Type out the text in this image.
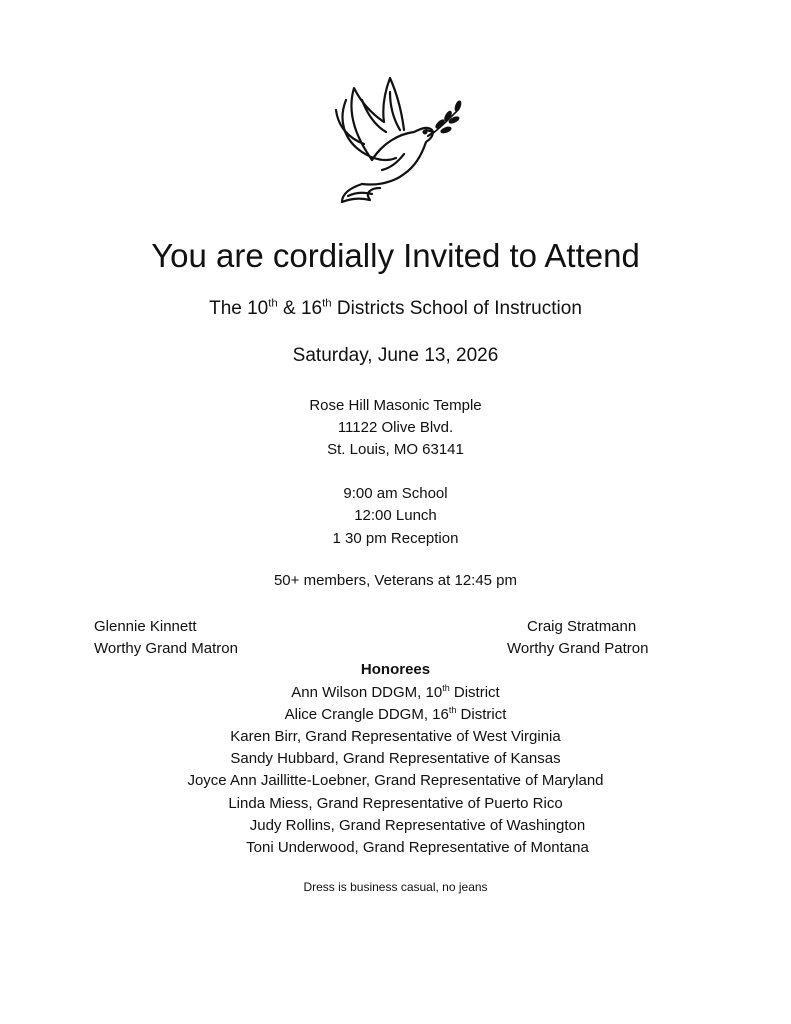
You are cordially Invited to Attend
The 10th & 16th Districts School of Instruction
Saturday, June 13, 2026
Rose Hill Masonic Temple
11122 Olive Blvd.
St. Louis, MO 63141
9:00 am School
12:00 Lunch
1 30 pm Reception
50+ members, Veterans at 12:45 pm
Glennie Kinnett
Worthy Grand Matron
Craig Stratmann
Worthy Grand Patron
Honorees
Ann Wilson DDGM, 10th District
Alice Crangle DDGM, 16th District
Karen Birr, Grand Representative of West Virginia
Sandy Hubbard, Grand Representative of Kansas
Joyce Ann Jaillitte-Loebner, Grand Representative of Maryland
Linda Miess, Grand Representative of Puerto Rico
Judy Rollins, Grand Representative of Washington
Toni Underwood, Grand Representative of Montana
Dress is business casual, no jeans
